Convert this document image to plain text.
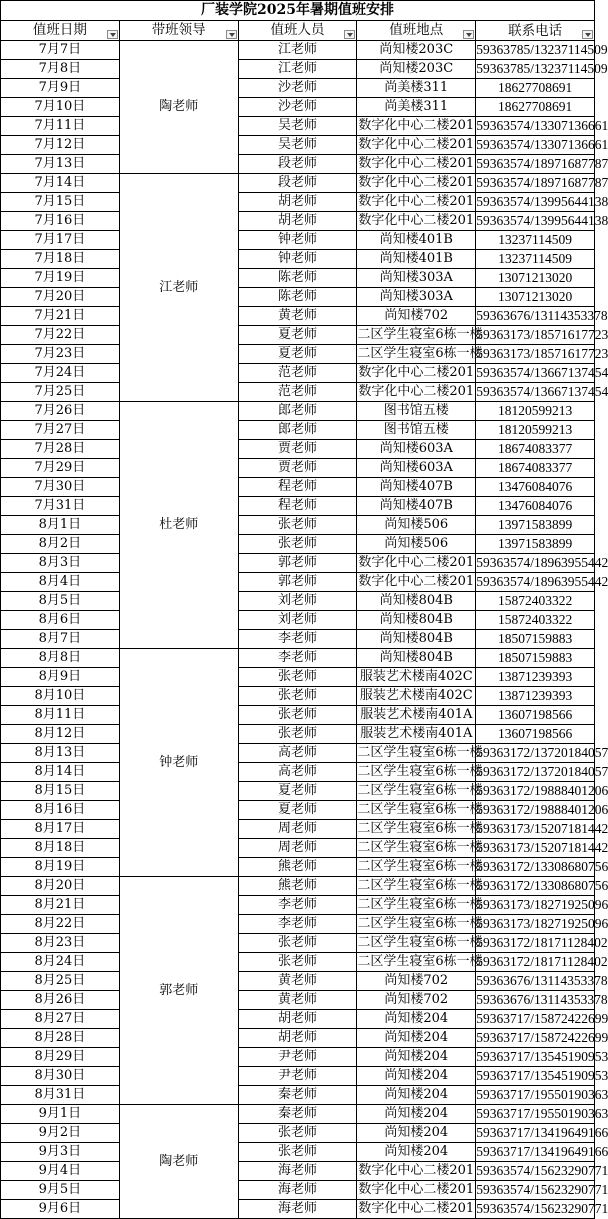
厂装学院2025年暑期值班安排				
值班日期	带班领导	值班人员	值班地点	联系电话

7月7日	陶老师	江老师	尚知楼203C	59363785/13237114509
7月8日		江老师	尚知楼203C	59363785/13237114509
7月9日		沙老师	尚美楼311	18627708691
7月10日		沙老师	尚美楼311	18627708691
7月11日		吴老师	数字化中心二楼201	59363574/13307136661
7月12日		吴老师	数字化中心二楼201	59363574/13307136661
7月13日		段老师	数字化中心二楼201	59363574/18971687787
7月14日	江老师	段老师	数字化中心二楼201	59363574/18971687787
7月15日		胡老师	数字化中心二楼201	59363574/13995644138
7月16日		胡老师	数字化中心二楼201	59363574/13995644138
7月17日		钟老师	尚知楼401B	13237114509
7月18日		钟老师	尚知楼401B	13237114509
7月19日		陈老师	尚知楼303A	13071213020
7月20日		陈老师	尚知楼303A	13071213020
7月21日		黄老师	尚知楼702	59363676/13114353378
7月22日		夏老师	二区学生寝室6栋一楼	59363173/18571617723
7月23日		夏老师	二区学生寝室6栋一楼	59363173/18571617723
7月24日		范老师	数字化中心二楼201	59363574/13667137454
7月25日		范老师	数字化中心二楼201	59363574/13667137454
7月26日	杜老师	郎老师	图书馆五楼	18120599213
7月27日		郎老师	图书馆五楼	18120599213
7月28日		贾老师	尚知楼603A	18674083377
7月29日		贾老师	尚知楼603A	18674083377
7月30日		程老师	尚知楼407B	13476084076
7月31日		程老师	尚知楼407B	13476084076
8月1日		张老师	尚知楼506	13971583899
8月2日		张老师	尚知楼506	13971583899
8月3日		郭老师	数字化中心二楼201	59363574/18963955442
8月4日		郭老师	数字化中心二楼201	59363574/18963955442
8月5日		刘老师	尚知楼804B	15872403322
8月6日		刘老师	尚知楼804B	15872403322
8月7日		李老师	尚知楼804B	18507159883
8月8日	钟老师	李老师	尚知楼804B	18507159883
8月9日		张老师	服装艺术楼南402C	13871239393
8月10日		张老师	服装艺术楼南402C	13871239393
8月11日		张老师	服装艺术楼南401A	13607198566
8月12日		张老师	服装艺术楼南401A	13607198566
8月13日		高老师	二区学生寝室6栋一楼	59363172/13720184057
8月14日		高老师	二区学生寝室6栋一楼	59363172/13720184057
8月15日		夏老师	二区学生寝室6栋一楼	59363172/19888401206
8月16日		夏老师	二区学生寝室6栋一楼	59363172/19888401206
8月17日		周老师	二区学生寝室6栋一楼	59363173/15207181442
8月18日		周老师	二区学生寝室6栋一楼	59363173/15207181442
8月19日		熊老师	二区学生寝室6栋一楼	59363172/13308680756
8月20日	郭老师	熊老师	二区学生寝室6栋一楼	59363172/13308680756
8月21日		李老师	二区学生寝室6栋一楼	59363173/18271925096
8月22日		李老师	二区学生寝室6栋一楼	59363173/18271925096
8月23日		张老师	二区学生寝室6栋一楼	59363172/18171128402
8月24日		张老师	二区学生寝室6栋一楼	59363172/18171128402
8月25日		黄老师	尚知楼702	59363676/13114353378
8月26日		黄老师	尚知楼702	59363676/13114353378
8月27日		胡老师	尚知楼204	59363717/15872422699
8月28日		胡老师	尚知楼204	59363717/15872422699
8月29日		尹老师	尚知楼204	59363717/13545190953
8月30日		尹老师	尚知楼204	59363717/13545190953
8月31日		秦老师	尚知楼204	59363717/19550190363
9月1日	陶老师	秦老师	尚知楼204	59363717/19550190363
9月2日		张老师	尚知楼204	59363717/13419649166
9月3日		张老师	尚知楼204	59363717/13419649166
9月4日		海老师	数字化中心二楼201	59363574/15623290771
9月5日		海老师	数字化中心二楼201	59363574/15623290771
9月6日		海老师	数字化中心二楼201	59363574/15623290771
